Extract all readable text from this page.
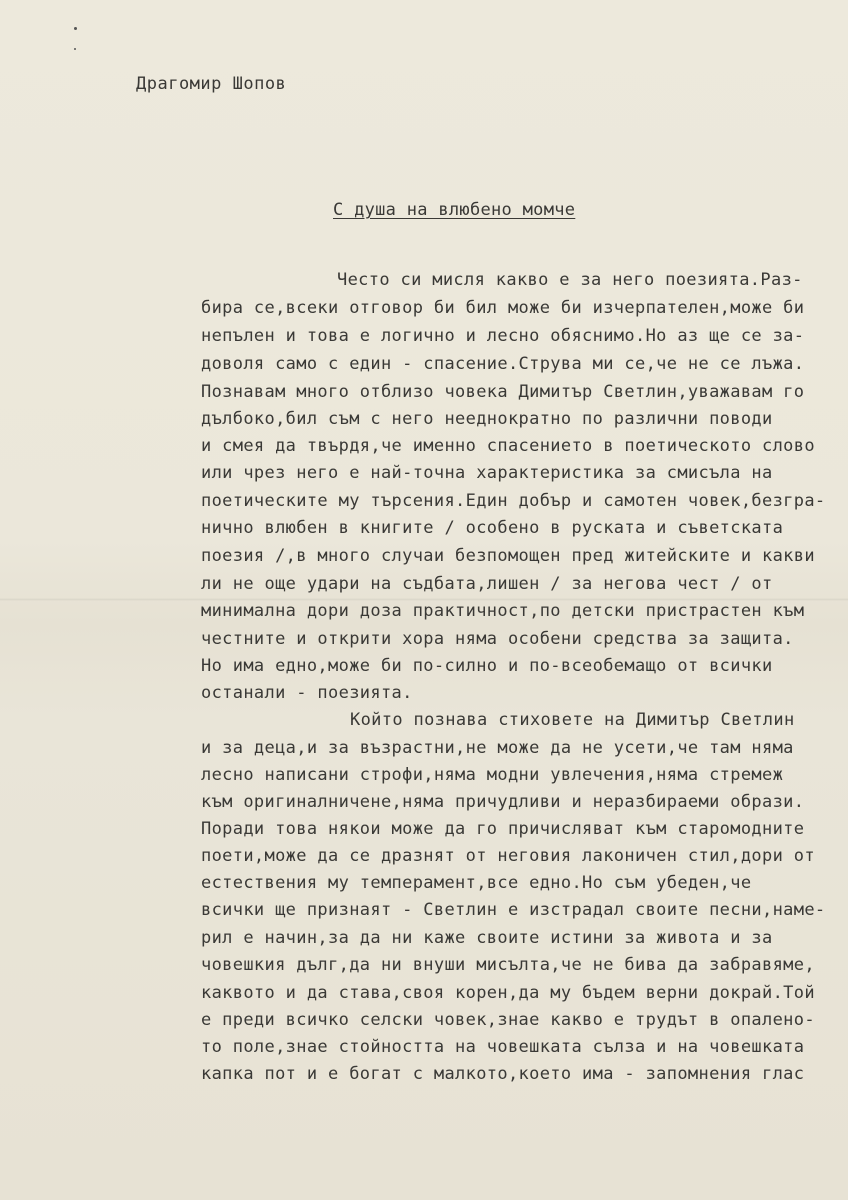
Драгомир Шопов
С душа на влюбено момче
Често си мисля какво е за него поезията.Раз-
бира се,всеки отговор би бил може би изчерпателен,може би
непълен и това е логично и лесно обяснимо.Но аз ще се за-
доволя само с един - спасение.Струва ми се,че не се лъжа.
Познавам много отблизо човека Димитър Светлин,уважавам го
дълбоко,бил съм с него нееднократно по различни поводи
и смея да твърдя,че именно спасението в поетическото слово
или чрез него е най-точна характеристика за смисъла на
поетическите му търсения.Един добър и самотен човек,безгра-
нично влюбен в книгите / особено в руската и съветската
поезия /,в много случаи безпомощен пред житейските и какви
ли не още удари на съдбата,лишен / за негова чест / от
минимална дори доза практичност,по детски пристрастен към
честните и открити хора няма особени средства за защита.
Но има едно,може би по-силно и по-всеобемащо от всички
останали - поезията.
Който познава стиховете на Димитър Светлин
и за деца,и за възрастни,не може да не усети,че там няма
лесно написани строфи,няма модни увлечения,няма стремеж
към оригиналничене,няма причудливи и неразбираеми образи.
Поради това някои може да го причисляват към старомодните
поети,може да се дразнят от неговия лаконичен стил,дори от
естествения му темперамент,все едно.Но съм убеден,че
всички ще признаят - Светлин е изстрадал своите песни,наме-
рил е начин,за да ни каже своите истини за живота и за
човешкия дълг,да ни внуши мисълта,че не бива да забравяме,
каквото и да става,своя корен,да му бъдем верни докрай.Той
е преди всичко селски човек,знае какво е трудът в опалено-
то поле,знае стойността на човешката сълза и на човешката
капка пот и е богат с малкото,което има - запомнения глас
